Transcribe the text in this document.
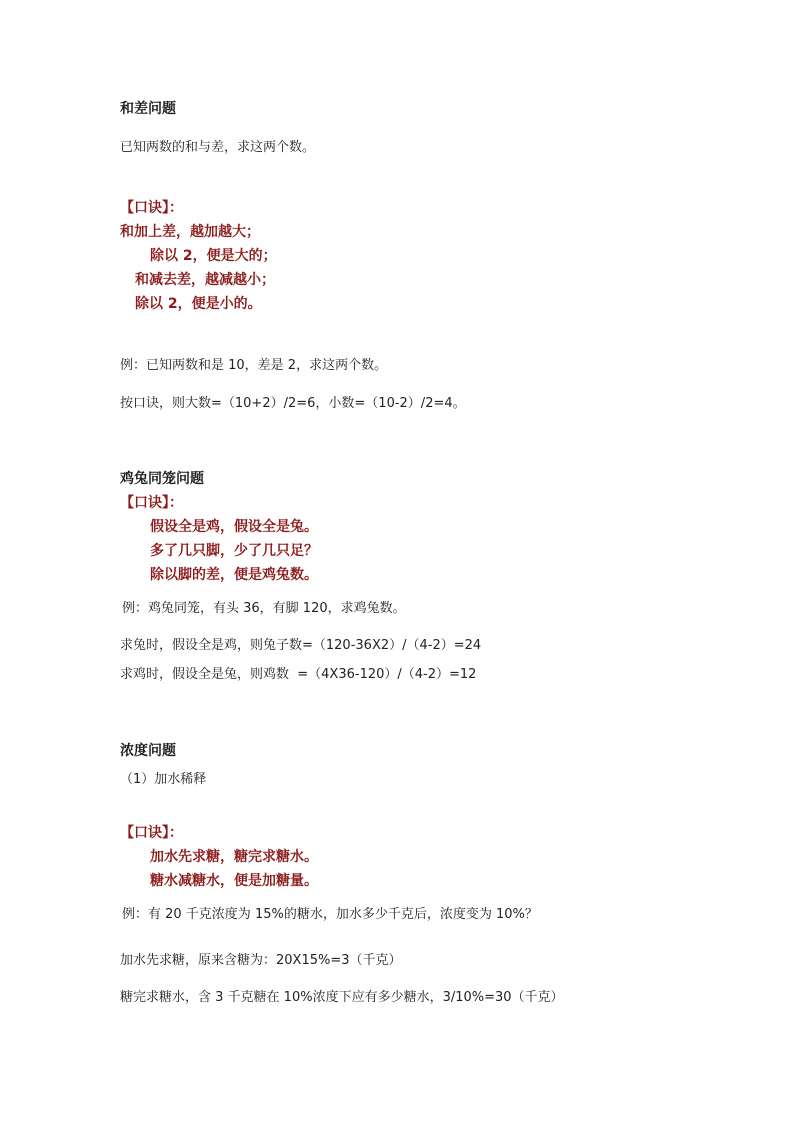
和差问题
已知两数的和与差，求这两个数。
【口诀】：
和加上差，越加越大；
除以 2，便是大的；
和减去差，越减越小；
除以 2，便是小的。
例：已知两数和是 10，差是 2，求这两个数。
按口诀，则大数=（10+2）/2=6，小数=（10-2）/2=4。
鸡兔同笼问题
【口诀】：
假设全是鸡，假设全是兔。
多了几只脚，少了几只足？
除以脚的差，便是鸡兔数。
例：鸡兔同笼，有头 36，有脚 120，求鸡兔数。
求兔时，假设全是鸡，则兔子数=（120-36X2）/（4-2）=24
求鸡时，假设全是兔，则鸡数  =（4X36-120）/（4-2）=12
浓度问题
（1）加水稀释
【口诀】：
加水先求糖，糖完求糖水。
糖水减糖水，便是加糖量。
例：有 20 千克浓度为 15%的糖水，加水多少千克后，浓度变为 10%？
加水先求糖，原来含糖为：20X15%=3（千克）
糖完求糖水，含 3 千克糖在 10%浓度下应有多少糖水，3/10%=30（千克）
